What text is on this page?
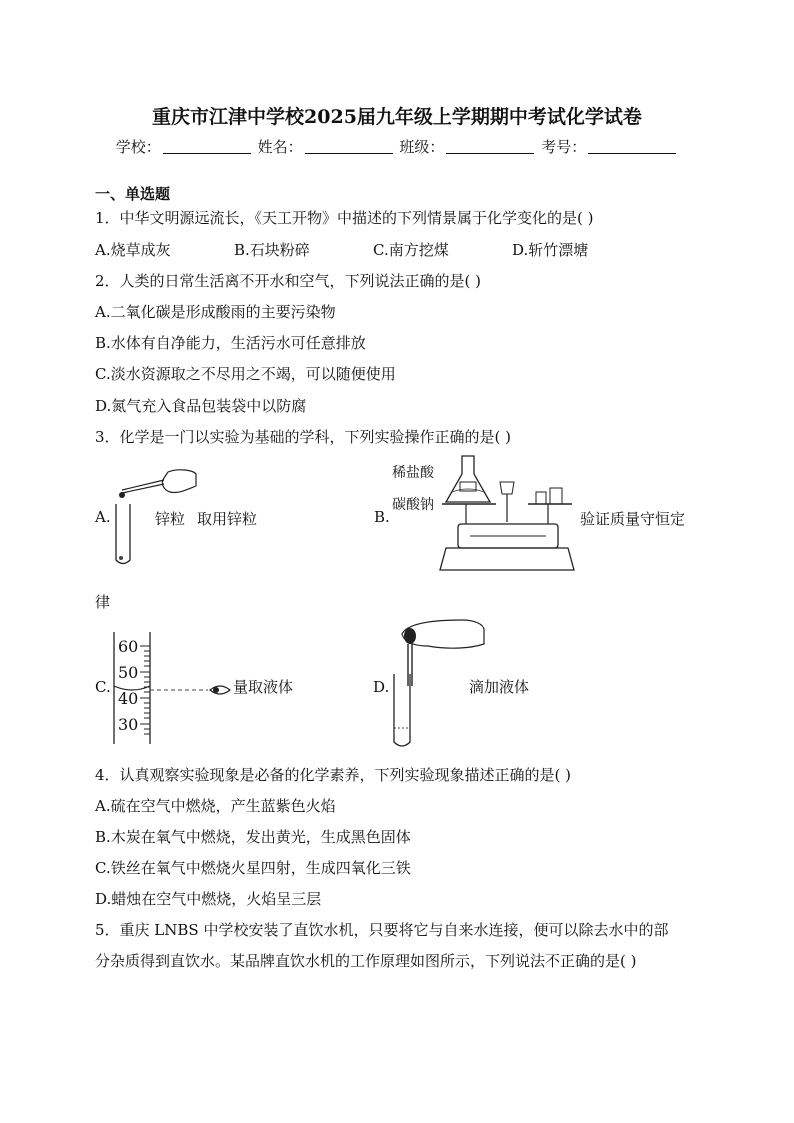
重庆市江津中学校2025届九年级上学期期中考试化学试卷
学校：	姓名：	班级：	考号：
一、单选题
1．中华文明源远流长，《天工开物》中描述的下列情景属于化学变化的是( )
A.烧草成灰	B.石块粉碎	C.南方挖煤	D.斩竹漂塘
2．人类的日常生活离不开水和空气，下列说法正确的是( )
A.二氧化碳是形成酸雨的主要污染物
B.水体有自净能力，生活污水可任意排放
C.淡水资源取之不尽用之不竭，可以随便使用
D.氮气充入食品包装袋中以防腐
3．化学是一门以实验为基础的学科，下列实验操作正确的是( )
A.	锌粒 取用锌粒
稀盐酸
碳酸钠
B.	验证质量守恒定
律
60
50
40
30
C.	量取液体	D.	滴加液体
4．认真观察实验现象是必备的化学素养，下列实验现象描述正确的是( )
A.硫在空气中燃烧，产生蓝紫色火焰
B.木炭在氧气中燃烧，发出黄光，生成黑色固体
C.铁丝在氧气中燃烧火星四射，生成四氧化三铁
D.蜡烛在空气中燃烧，火焰呈三层
5．重庆 LNBS 中学校安装了直饮水机，只要将它与自来水连接，便可以除去水中的部
分杂质得到直饮水。某品牌直饮水机的工作原理如图所示，下列说法不正确的是( )
